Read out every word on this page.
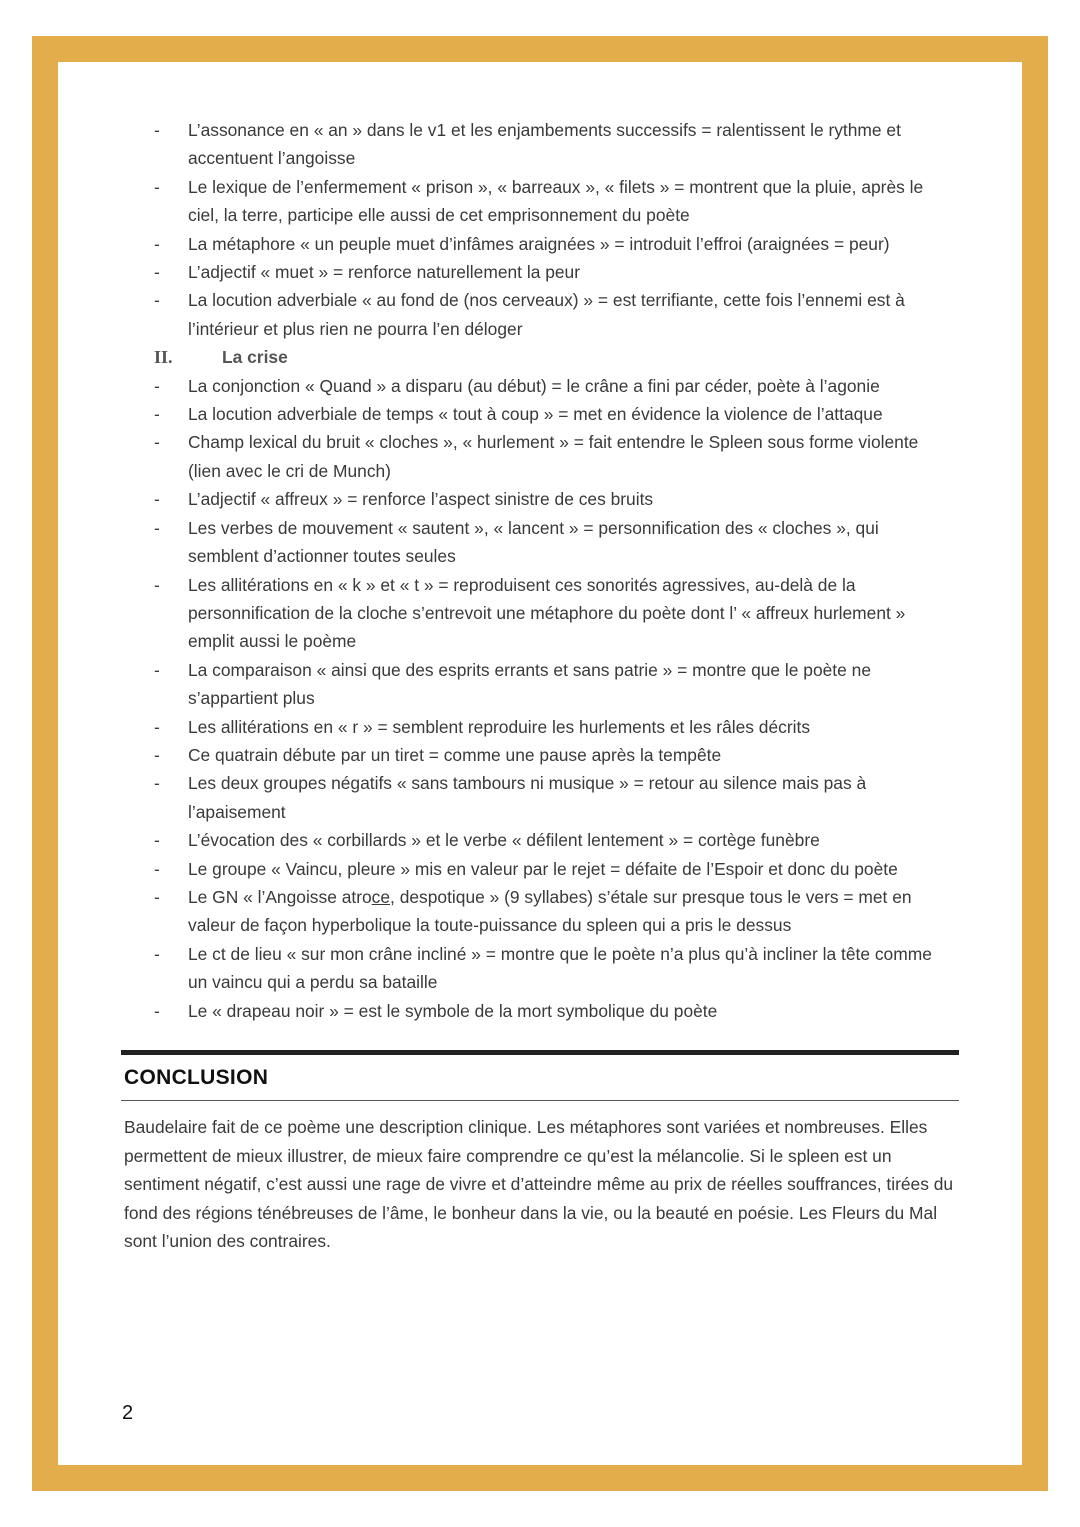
- L’assonance en « an » dans le v1 et les enjambements successifs = ralentissent le rythme et accentuent l’angoisse
- Le lexique de l’enfermement « prison », « barreaux », « filets » = montrent que la pluie, après le ciel, la terre, participe elle aussi de cet emprisonnement du poète
- La métaphore « un peuple muet d’infâmes araignées » = introduit l’effroi (araignées = peur)
- L’adjectif « muet » = renforce naturellement la peur
- La locution adverbiale « au fond de (nos cerveaux) » = est terrifiante, cette fois l’ennemi est à l’intérieur et plus rien ne pourra l’en déloger
II.	La crise
- La conjonction « Quand » a disparu (au début) = le crâne a fini par céder, poète à l’agonie
- La locution adverbiale de temps « tout à coup » = met en évidence la violence de l’attaque
- Champ lexical du bruit « cloches », « hurlement » = fait entendre le Spleen sous forme violente (lien avec le cri de Munch)
- L’adjectif « affreux » = renforce l’aspect sinistre de ces bruits
- Les verbes de mouvement « sautent », « lancent » = personnification des « cloches », qui semblent d’actionner toutes seules
- Les allitérations en « k » et « t » = reproduisent ces sonorités agressives, au-delà de la personnification de la cloche s’entrevoit une métaphore du poète dont l’ « affreux hurlement » emplit aussi le poème
- La comparaison « ainsi que des esprits errants et sans patrie » = montre que le poète ne s’appartient plus
- Les allitérations en « r » = semblent reproduire les hurlements et les râles décrits
- Ce quatrain débute par un tiret = comme une pause après la tempête
- Les deux groupes négatifs « sans tambours ni musique » = retour au silence mais pas à l’apaisement
- L’évocation des « corbillards » et le verbe « défilent lentement » = cortège funèbre
- Le groupe « Vaincu, pleure » mis en valeur par le rejet = défaite de l’Espoir et donc du poète
- Le GN « l’Angoisse atroce, despotique » (9 syllabes) s’étale sur presque tous le vers = met en valeur de façon hyperbolique la toute-puissance du spleen qui a pris le dessus
- Le ct de lieu « sur mon crâne incliné » = montre que le poète n’a plus qu’à incliner la tête comme un vaincu qui a perdu sa bataille
- Le « drapeau noir » = est le symbole de la mort symbolique du poète
CONCLUSION
Baudelaire fait de ce poème une description clinique. Les métaphores sont variées et nombreuses. Elles permettent de mieux illustrer, de mieux faire comprendre ce qu’est la mélancolie. Si le spleen est un sentiment négatif, c’est aussi une rage de vivre et d’atteindre même au prix de réelles souffrances, tirées du fond des régions ténébreuses de l’âme, le bonheur dans la vie, ou la beauté en poésie. Les Fleurs du Mal sont l’union des contraires.
2
